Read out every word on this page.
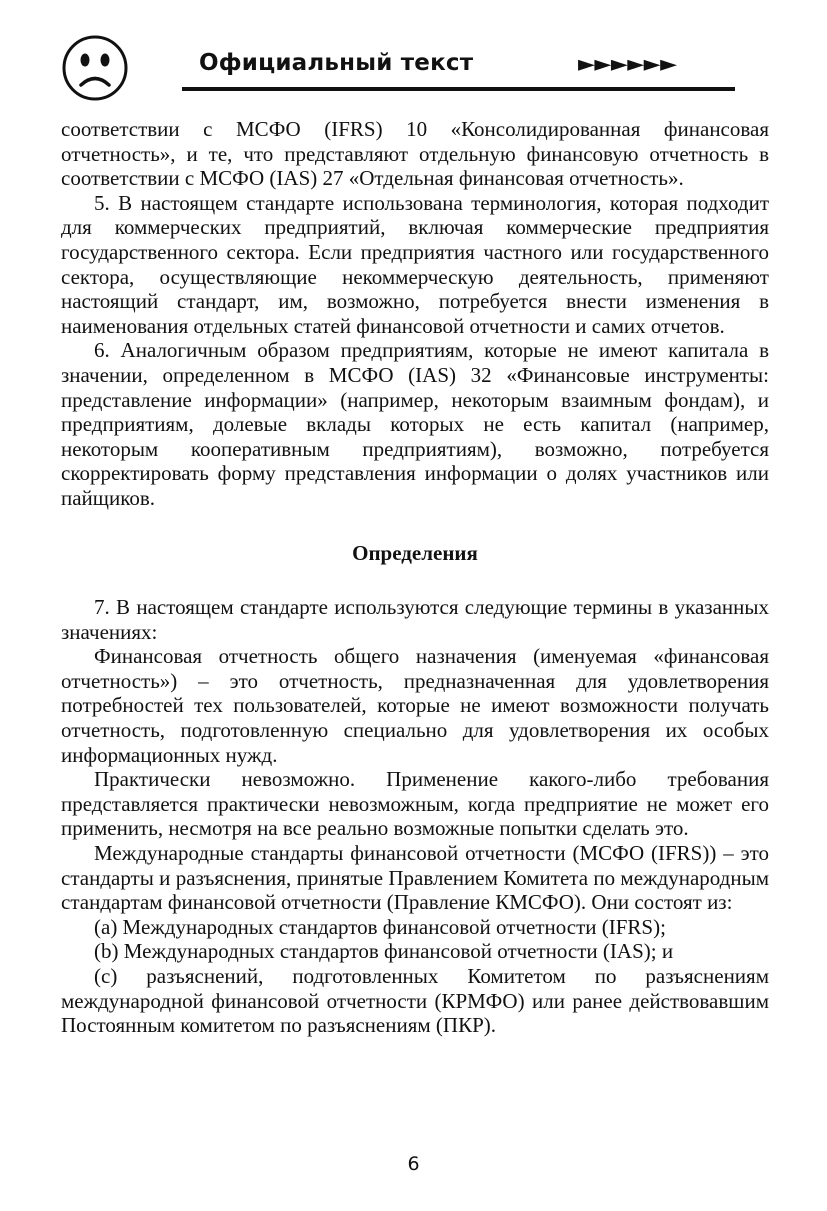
Официальный текст	►►►►►►

соответствии с МСФО (IFRS) 10 «Консолидированная финансовая отчетность», и те, что представляют отдельную финансовую отчетность в соответствии с МСФО (IAS) 27 «Отдельная финансовая отчетность».

5. В настоящем стандарте использована терминология, которая подходит для коммерческих предприятий, включая коммерческие предприятия государственного сектора. Если предприятия частного или государственного сектора, осуществляющие некоммерческую деятельность, применяют настоящий стандарт, им, возможно, потребуется внести изменения в наименования отдельных статей финансовой отчетности и самих отчетов.

6. Аналогичным образом предприятиям, которые не имеют капитала в значении, определенном в МСФО (IAS) 32 «Финансовые инструменты: представление информации» (например, некоторым взаимным фондам), и предприятиям, долевые вклады которых не есть капитал (например, некоторым кооперативным предприятиям), возможно, потребуется скорректировать форму представления информации о долях участников или пайщиков.

Определения

7. В настоящем стандарте используются следующие термины в указанных значениях:

Финансовая отчетность общего назначения (именуемая «финансовая отчетность») – это отчетность, предназначенная для удовлетворения потребностей тех пользователей, которые не имеют возможности получать отчетность, подготовленную специально для удовлетворения их особых информационных нужд.

Практически невозможно. Применение какого-либо требования представляется практически невозможным, когда предприятие не может его применить, несмотря на все реально возможные попытки сделать это.

Международные стандарты финансовой отчетности (МСФО (IFRS)) – это стандарты и разъяснения, принятые Правлением Комитета по международным стандартам финансовой отчетности (Правление КМСФО). Они состоят из:

(a) Международных стандартов финансовой отчетности (IFRS);

(b) Международных стандартов финансовой отчетности (IAS); и

(c) разъяснений, подготовленных Комитетом по разъяснениям международной финансовой отчетности (КРМФО) или ранее действовавшим Постоянным комитетом по разъяснениям (ПКР).

6
